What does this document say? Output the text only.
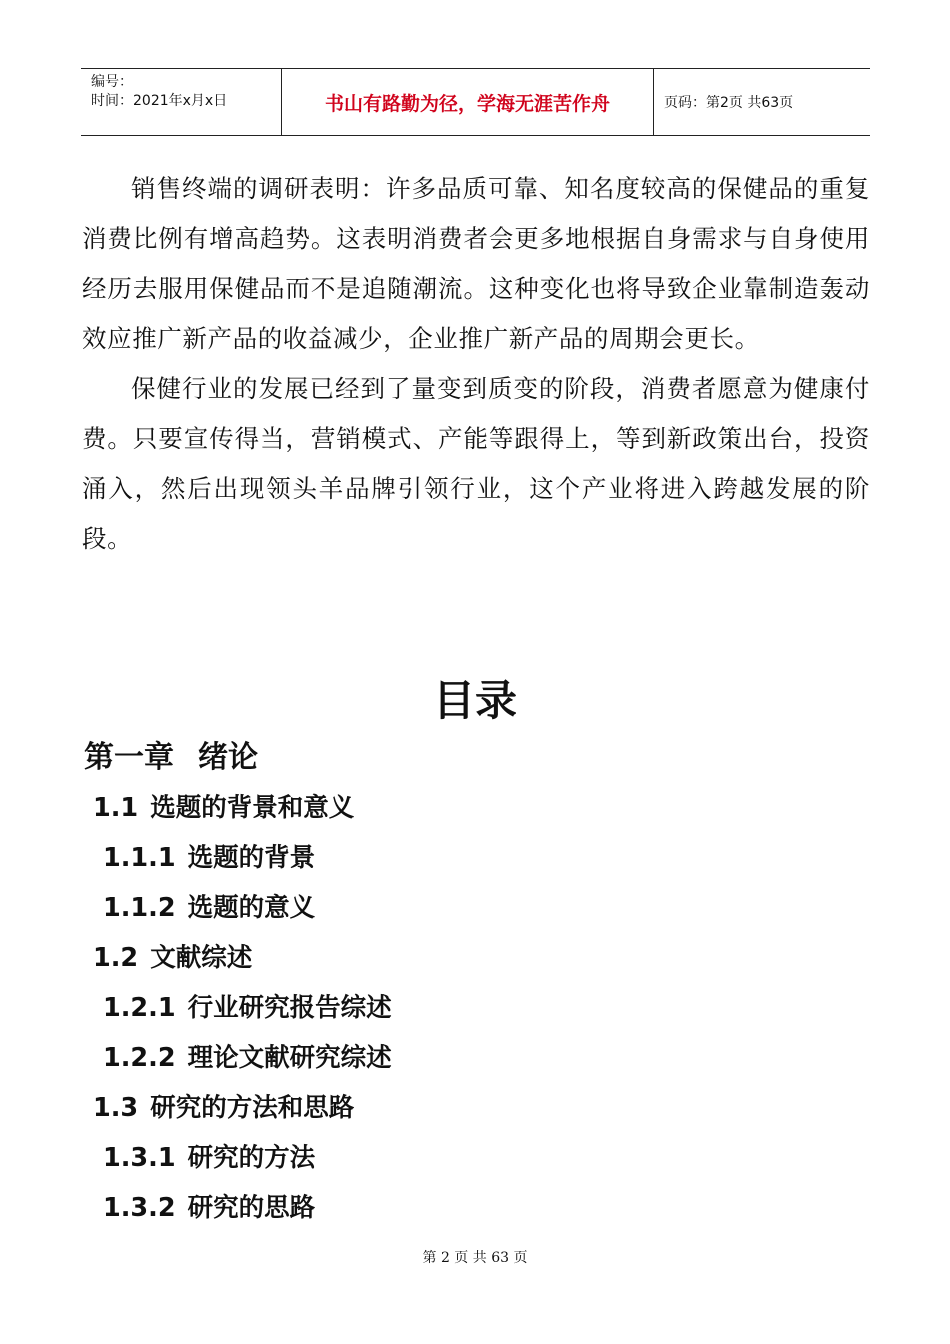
编号：
时间：2021年x月x日	书山有路勤为径，学海无涯苦作舟	页码：第2页 共63页

销售终端的调研表明：许多品质可靠、知名度较高的保健品的重复消费比例有增高趋势。这表明消费者会更多地根据自身需求与自身使用经历去服用保健品而不是追随潮流。这种变化也将导致企业靠制造轰动效应推广新产品的收益减少，企业推广新产品的周期会更长。

保健行业的发展已经到了量变到质变的阶段，消费者愿意为健康付费。只要宣传得当，营销模式、产能等跟得上，等到新政策出台，投资涌入，然后出现领头羊品牌引领行业，这个产业将进入跨越发展的阶段。

目录
第一章 绪论
1.1 选题的背景和意义
1.1.1 选题的背景
1.1.2 选题的意义
1.2 文献综述
1.2.1 行业研究报告综述
1.2.2 理论文献研究综述
1.3 研究的方法和思路
1.3.1 研究的方法
1.3.2 研究的思路
第 2 页 共 63 页
